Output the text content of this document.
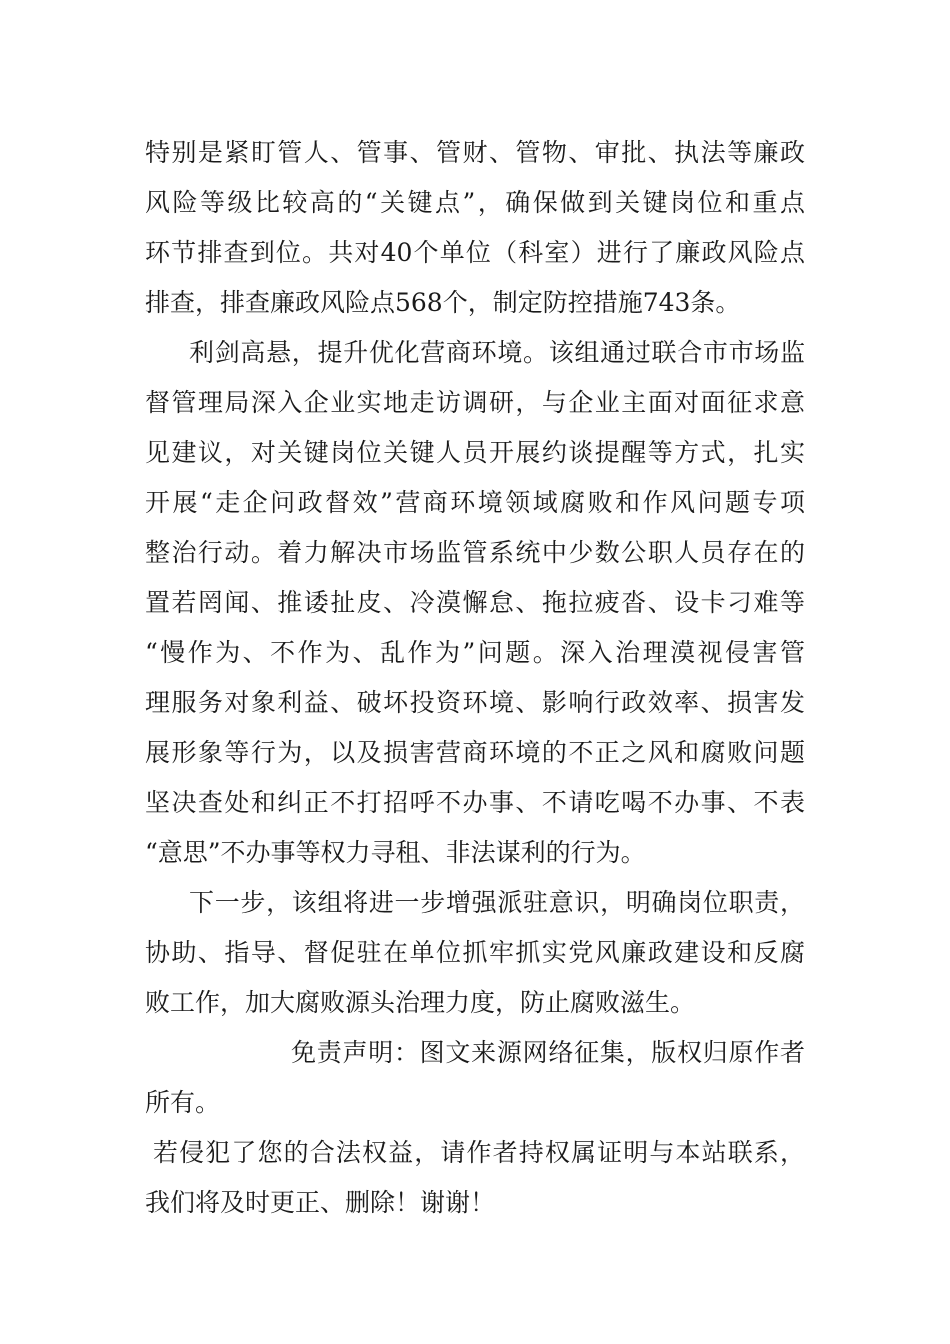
特别是紧盯管人、管事、管财、管物、审批、执法等廉政
风险等级比较高的“关键点”，确保做到关键岗位和重点
环节排查到位。共对40个单位（科室）进行了廉政风险点
排查，排查廉政风险点568个，制定防控措施743条。
利剑高悬，提升优化营商环境。该组通过联合市市场监
督管理局深入企业实地走访调研，与企业主面对面征求意
见建议，对关键岗位关键人员开展约谈提醒等方式，扎实
开展“走企问政督效”营商环境领域腐败和作风问题专项
整治行动。着力解决市场监管系统中少数公职人员存在的
置若罔闻、推诿扯皮、冷漠懈怠、拖拉疲沓、设卡刁难等
“慢作为、不作为、乱作为”问题。深入治理漠视侵害管
理服务对象利益、破坏投资环境、影响行政效率、损害发
展形象等行为，以及损害营商环境的不正之风和腐败问题
坚决查处和纠正不打招呼不办事、不请吃喝不办事、不表
“意思”不办事等权力寻租、非法谋利的行为。
下一步，该组将进一步增强派驻意识，明确岗位职责，
协助、指导、督促驻在单位抓牢抓实党风廉政建设和反腐
败工作，加大腐败源头治理力度，防止腐败滋生。
免责声明：图文来源网络征集，版权归原作者
所有。
若侵犯了您的合法权益，请作者持权属证明与本站联系，
我们将及时更正、删除！谢谢！
